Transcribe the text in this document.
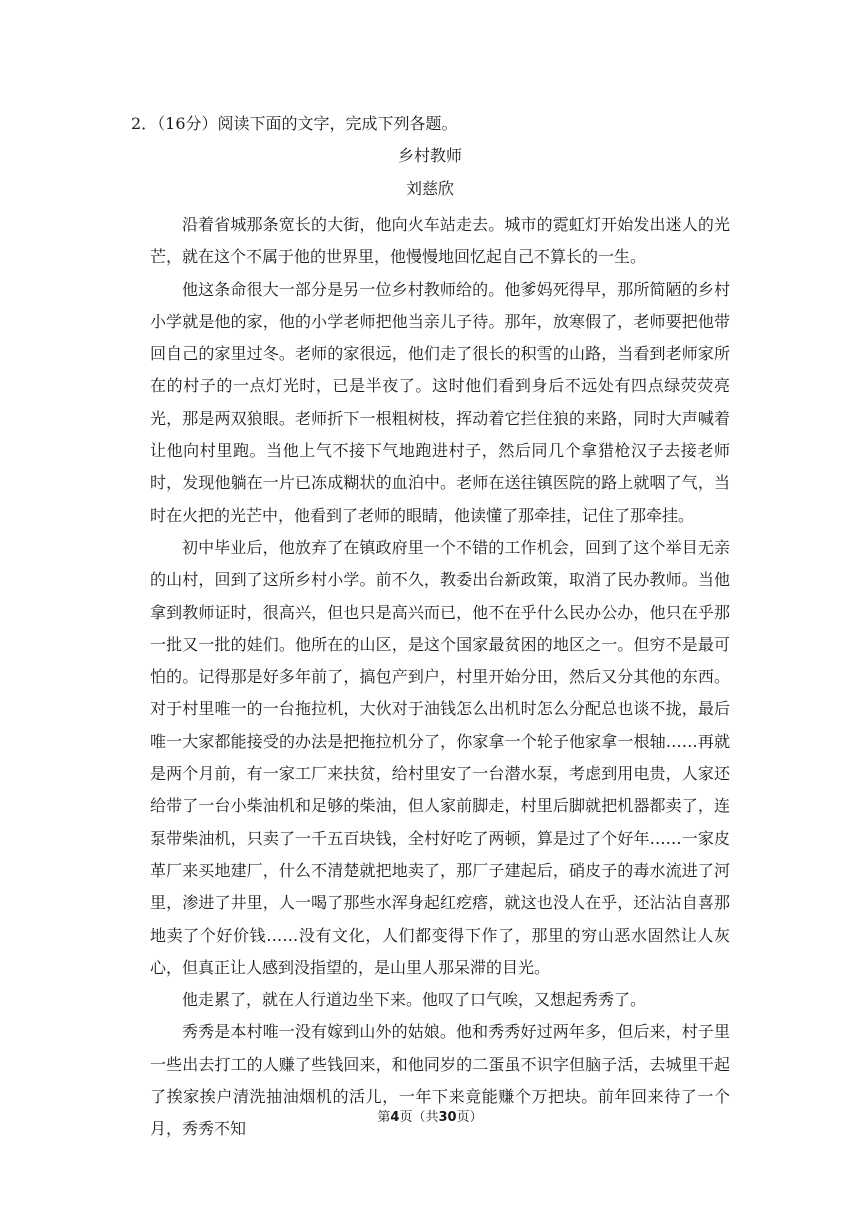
2．（16分）阅读下面的文字，完成下列各题。
乡村教师
刘慈欣

沿着省城那条宽长的大街，他向火车站走去。城市的霓虹灯开始发出迷人的光芒，就在这个不属于他的世界里，他慢慢地回忆起自己不算长的一生。

他这条命很大一部分是另一位乡村教师给的。他爹妈死得早，那所简陋的乡村小学就是他的家，他的小学老师把他当亲儿子待。那年，放寒假了，老师要把他带回自己的家里过冬。老师的家很远，他们走了很长的积雪的山路，当看到老师家所在的村子的一点灯光时，已是半夜了。这时他们看到身后不远处有四点绿荧荧亮光，那是两双狼眼。老师折下一根粗树枝，挥动着它拦住狼的来路，同时大声喊着让他向村里跑。当他上气不接下气地跑进村子，然后同几个拿猎枪汉子去接老师时，发现他躺在一片已冻成糊状的血泊中。老师在送往镇医院的路上就咽了气，当时在火把的光芒中，他看到了老师的眼睛，他读懂了那牵挂，记住了那牵挂。

初中毕业后，他放弃了在镇政府里一个不错的工作机会，回到了这个举目无亲的山村，回到了这所乡村小学。前不久，教委出台新政策，取消了民办教师。当他拿到教师证时，很高兴，但也只是高兴而已，他不在乎什么民办公办，他只在乎那一批又一批的娃们。他所在的山区，是这个国家最贫困的地区之一。但穷不是最可怕的。记得那是好多年前了，搞包产到户，村里开始分田，然后又分其他的东西。对于村里唯一的一台拖拉机，大伙对于油钱怎么出机时怎么分配总也谈不拢，最后唯一大家都能接受的办法是把拖拉机分了，你家拿一个轮子他家拿一根轴……再就是两个月前，有一家工厂来扶贫，给村里安了一台潜水泵，考虑到用电贵，人家还给带了一台小柴油机和足够的柴油，但人家前脚走，村里后脚就把机器都卖了，连泵带柴油机，只卖了一千五百块钱，全村好吃了两顿，算是过了个好年……一家皮革厂来买地建厂，什么不清楚就把地卖了，那厂子建起后，硝皮子的毒水流进了河里，渗进了井里，人一喝了那些水浑身起红疙瘩，就这也没人在乎，还沾沾自喜那地卖了个好价钱……没有文化，人们都变得下作了，那里的穷山恶水固然让人灰心，但真正让人感到没指望的，是山里人那呆滞的目光。

他走累了，就在人行道边坐下来。他叹了口气唉，又想起秀秀了。

秀秀是本村唯一没有嫁到山外的姑娘。他和秀秀好过两年多，但后来，村子里一些出去打工的人赚了些钱回来，和他同岁的二蛋虽不识字但脑子活，去城里干起了挨家挨户清洗抽油烟机的活儿，一年下来竟能赚个万把块。前年回来待了一个月，秀秀不知

第4页（共30页）
